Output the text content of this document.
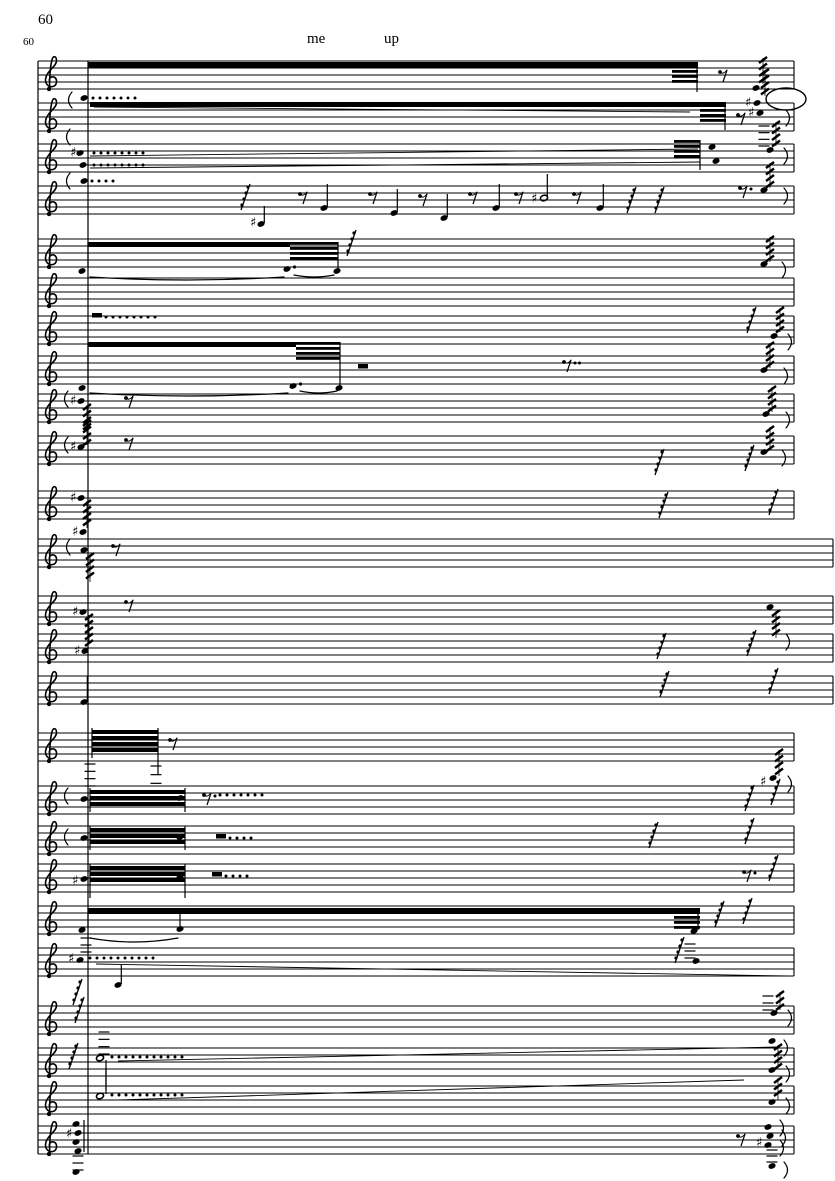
60
60	me	up
♯
♯
♯
♯
♯
♯
♯
♯
♯
♯
♯
♯
♯
♯
♯
♯
